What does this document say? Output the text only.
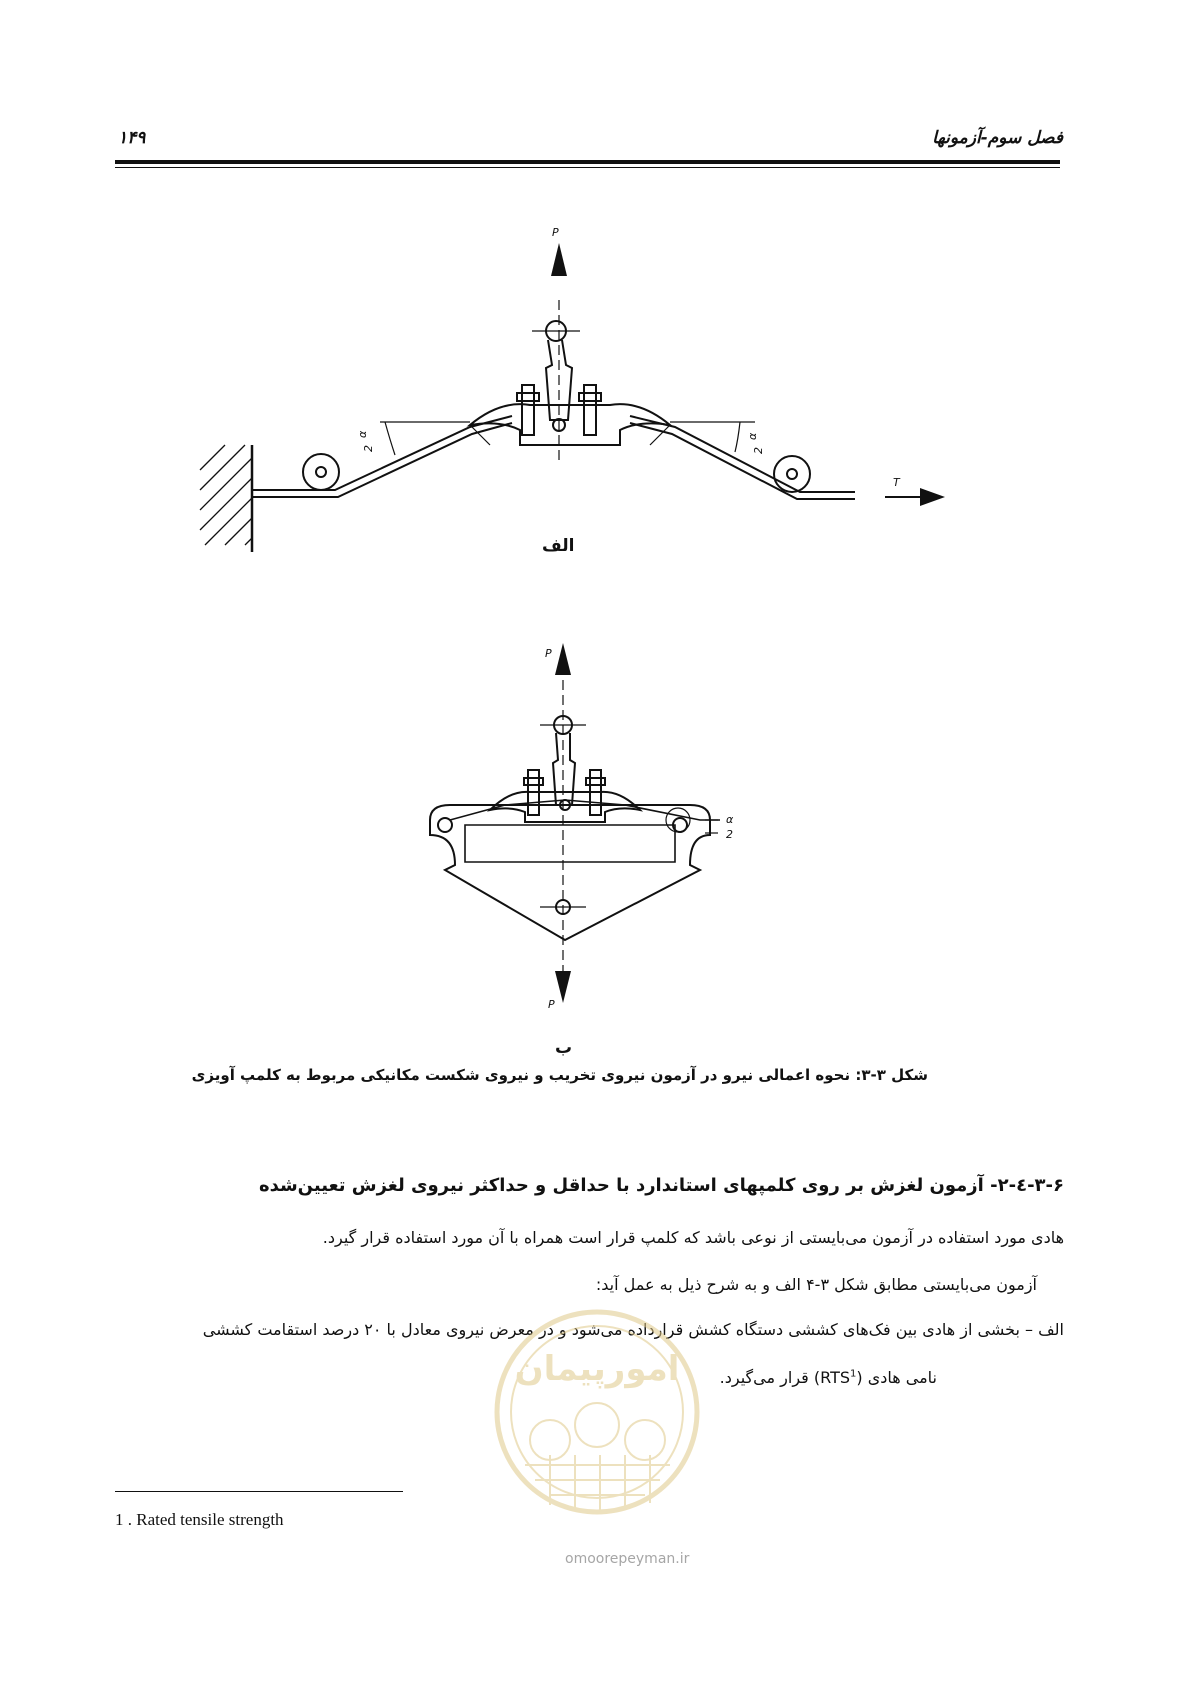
فصل سوم-آزمونها
۱۴۹
P
T
α
2
α
2
الف
P
P
α
2
ب
شکل ۳-۳: نحوه اعمالی نیرو در آزمون نیروی تخریب و نیروی شکست مکانیکی مربوط به کلمپ آویزی
۳-۶-٤-۲- آزمون لغزش بر روی کلمپهای استاندارد با حداقل و حداکثر نیروی لغزش تعیین‌شده
هادی مورد استفاده در آزمون می‌بایستی از نوعی باشد که کلمپ قرار است همراه با آن مورد استفاده قرار گیرد.
آزمون می‌بایستی مطابق شکل ۳-۴ الف و به شرح ذیل به عمل آید:
الف – بخشی از هادی بین فک‌های کششی دستگاه کشش قرارداده می‌شود و در معرض نیروی معادل با ۲۰ درصد استقامت کششی
نامی هادی (RTS$^1$) قرار می‌گیرد.
امورپیمان
omoorepeyman.ir
1 . Rated tensile strength
